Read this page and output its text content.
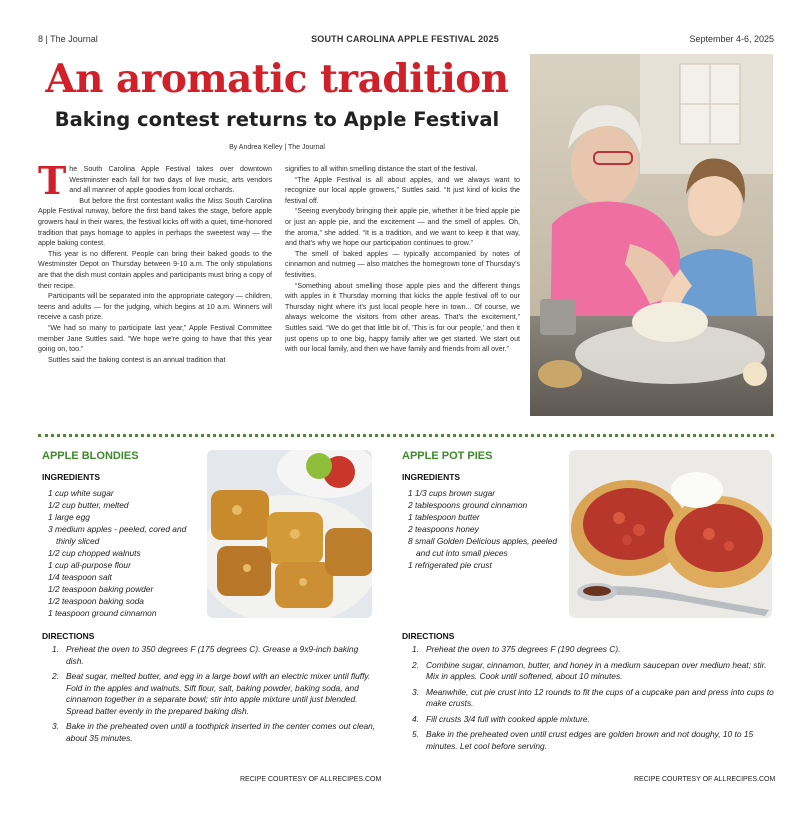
8 | The Journal	SOUTH CAROLINA APPLE FESTIVAL 2025	September 4-6, 2025
An aromatic tradition
Baking contest returns to Apple Festival
By Andrea Kelley | The Journal

The South Carolina Apple Festival takes over downtown Westminster each fall for two days of live music, arts vendors and all manner of apple goodies from local orchards.

But before the first contestant walks the Miss South Carolina Apple Festival runway, before the first band takes the stage, before apple growers haul in their wares, the festival kicks off with a quiet, time-honored tradition that pays homage to apples in perhaps the sweetest way — the apple baking contest.

This year is no different. People can bring their baked goods to the Westminster Depot on Thursday between 9-10 a.m. The only stipulations are that the dish must contain apples and participants must bring a copy of their recipe.

Participants will be separated into the appropriate category — children, teens and adults — for the judging, which begins at 10 a.m. Winners will receive a cash prize.

“We had so many to participate last year,” Apple Festival Committee member Jane Suttles said. “We hope we're going to have that this year going on, too.”

Suttles said the baking contest is an annual tradition that

signifies to all within smelling distance the start of the festival.

“The Apple Festival is all about apples, and we always want to recognize our local apple growers,” Suttles said. “It just kind of kicks the festival off.

“Seeing everybody bringing their apple pie, whether it be fried apple pie or just an apple pie, and the excitement — and the smell of apples. Oh, the aroma,” she added. “It is a tradition, and we want to keep it that way, and that's why we hope our participation continues to grow.”

The smell of baked apples — typically accompanied by notes of cinnamon and nutmeg — also matches the homegrown tone of Thursday's festivities.

“Something about smelling those apple pies and the different things with apples in it Thursday morning that kicks the apple festival off to our Thursday night where it's just local people here in town... Of course, we always welcome the visitors from other areas. That's the excitement,” Suttles said. “We do get that little bit of, 'This is for our people,' and then it just opens up to one big, happy family after we get started. We start out with our local family, and then we have family and friends from all over.”

APPLE BLONDIES
INGREDIENTS
1 cup white sugar
1/2 cup butter, melted
1 large egg
3 medium apples - peeled, cored and thinly sliced
1/2 cup chopped walnuts
1 cup all-purpose flour
1/4 teaspoon salt
1/2 teaspoon baking powder
1/2 teaspoon baking soda
1 teaspoon ground cinnamon
DIRECTIONS
1. Preheat the oven to 350 degrees F (175 degrees C). Grease a 9x9-inch baking dish.
2. Beat sugar, melted butter, and egg in a large bowl with an electric mixer until fluffy. Fold in the apples and walnuts. Sift flour, salt, baking powder, baking soda, and cinnamon together in a separate bowl; stir into apple mixture until just blended. Spread batter evenly in the prepared baking dish.
3. Bake in the preheated oven until a toothpick inserted in the center comes out clean, about 35 minutes.
RECIPE COURTESY OF ALLRECIPES.COM
APPLE POT PIES
INGREDIENTS
1 1/3 cups brown sugar
2 tablespoons ground cinnamon
1 tablespoon butter
2 teaspoons honey
8 small Golden Delicious apples, peeled and cut into small pieces
1 refrigerated pie crust
DIRECTIONS
1. Preheat the oven to 375 degrees F (190 degrees C).
2. Combine sugar, cinnamon, butter, and honey in a medium saucepan over medium heat; stir. Mix in apples. Cook until softened, about 10 minutes.
3. Meanwhile, cut pie crust into 12 rounds to fit the cups of a cupcake pan and press into cups to make crusts.
4. Fill crusts 3/4 full with cooked apple mixture.
5. Bake in the preheated oven until crust edges are golden brown and not doughy, 10 to 15 minutes. Let cool before serving.
RECIPE COURTESY OF ALLRECIPES.COM
